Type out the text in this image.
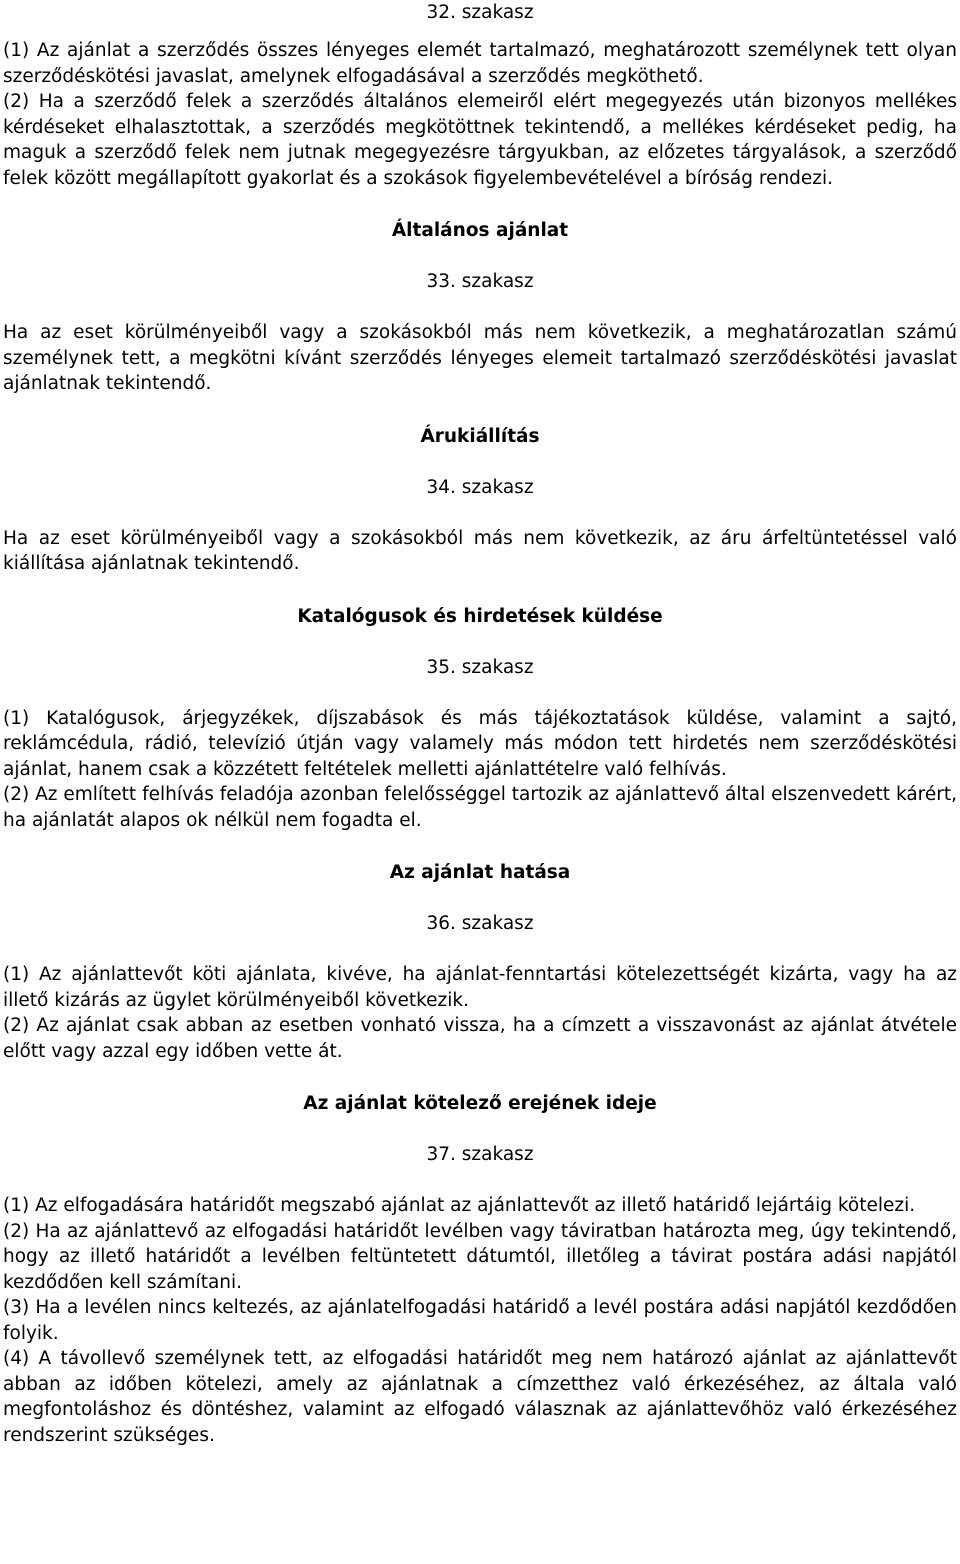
32. szakasz

(1) Az ajánlat a szerződés összes lényeges elemét tartalmazó, meghatározott személynek tett olyan szerződéskötési javaslat, amelynek elfogadásával a szerződés megköthető.

(2) Ha a szerződő felek a szerződés általános elemeiről elért megegyezés után bizonyos mellékes kérdéseket elhalasztottak, a szerződés megkötöttnek tekintendő, a mellékes kérdéseket pedig, ha maguk a szerződő felek nem jutnak megegyezésre tárgyukban, az előzetes tárgyalások, a szerződő felek között megállapított gyakorlat és a szokások figyelembevételével a bíróság rendezi.

Általános ajánlat

33. szakasz

Ha az eset körülményeiből vagy a szokásokból más nem következik, a meghatározatlan számú személynek tett, a megkötni kívánt szerződés lényeges elemeit tartalmazó szerződéskötési javaslat ajánlatnak tekintendő.

Árukiállítás

34. szakasz

Ha az eset körülményeiből vagy a szokásokból más nem következik, az áru árfeltüntetéssel való kiállítása ajánlatnak tekintendő.

Katalógusok és hirdetések küldése

35. szakasz

(1) Katalógusok, árjegyzékek, díjszabások és más tájékoztatások küldése, valamint a sajtó, reklámcédula, rádió, televízió útján vagy valamely más módon tett hirdetés nem szerződéskötési ajánlat, hanem csak a közzétett feltételek melletti ajánlattételre való felhívás.

(2) Az említett felhívás feladója azonban felelősséggel tartozik az ajánlattevő által elszenvedett kárért, ha ajánlatát alapos ok nélkül nem fogadta el.

Az ajánlat hatása

36. szakasz

(1) Az ajánlattevőt köti ajánlata, kivéve, ha ajánlat-fenntartási kötelezettségét kizárta, vagy ha az illető kizárás az ügylet körülményeiből következik.

(2) Az ajánlat csak abban az esetben vonható vissza, ha a címzett a visszavonást az ajánlat átvétele előtt vagy azzal egy időben vette át.

Az ajánlat kötelező erejének ideje

37. szakasz

(1) Az elfogadására határidőt megszabó ajánlat az ajánlattevőt az illető határidő lejártáig kötelezi.

(2) Ha az ajánlattevő az elfogadási határidőt levélben vagy táviratban határozta meg, úgy tekintendő, hogy az illető határidőt a levélben feltüntetett dátumtól, illetőleg a távirat postára adási napjától kezdődően kell számítani.

(3) Ha a levélen nincs keltezés, az ajánlatelfogadási határidő a levél postára adási napjától kezdődően folyik.

(4) A távollevő személynek tett, az elfogadási határidőt meg nem határozó ajánlat az ajánlattevőt abban az időben kötelezi, amely az ajánlatnak a címzetthez való érkezéséhez, az általa való megfontoláshoz és döntéshez, valamint az elfogadó válasznak az ajánlattevőhöz való érkezéséhez rendszerint szükséges.
